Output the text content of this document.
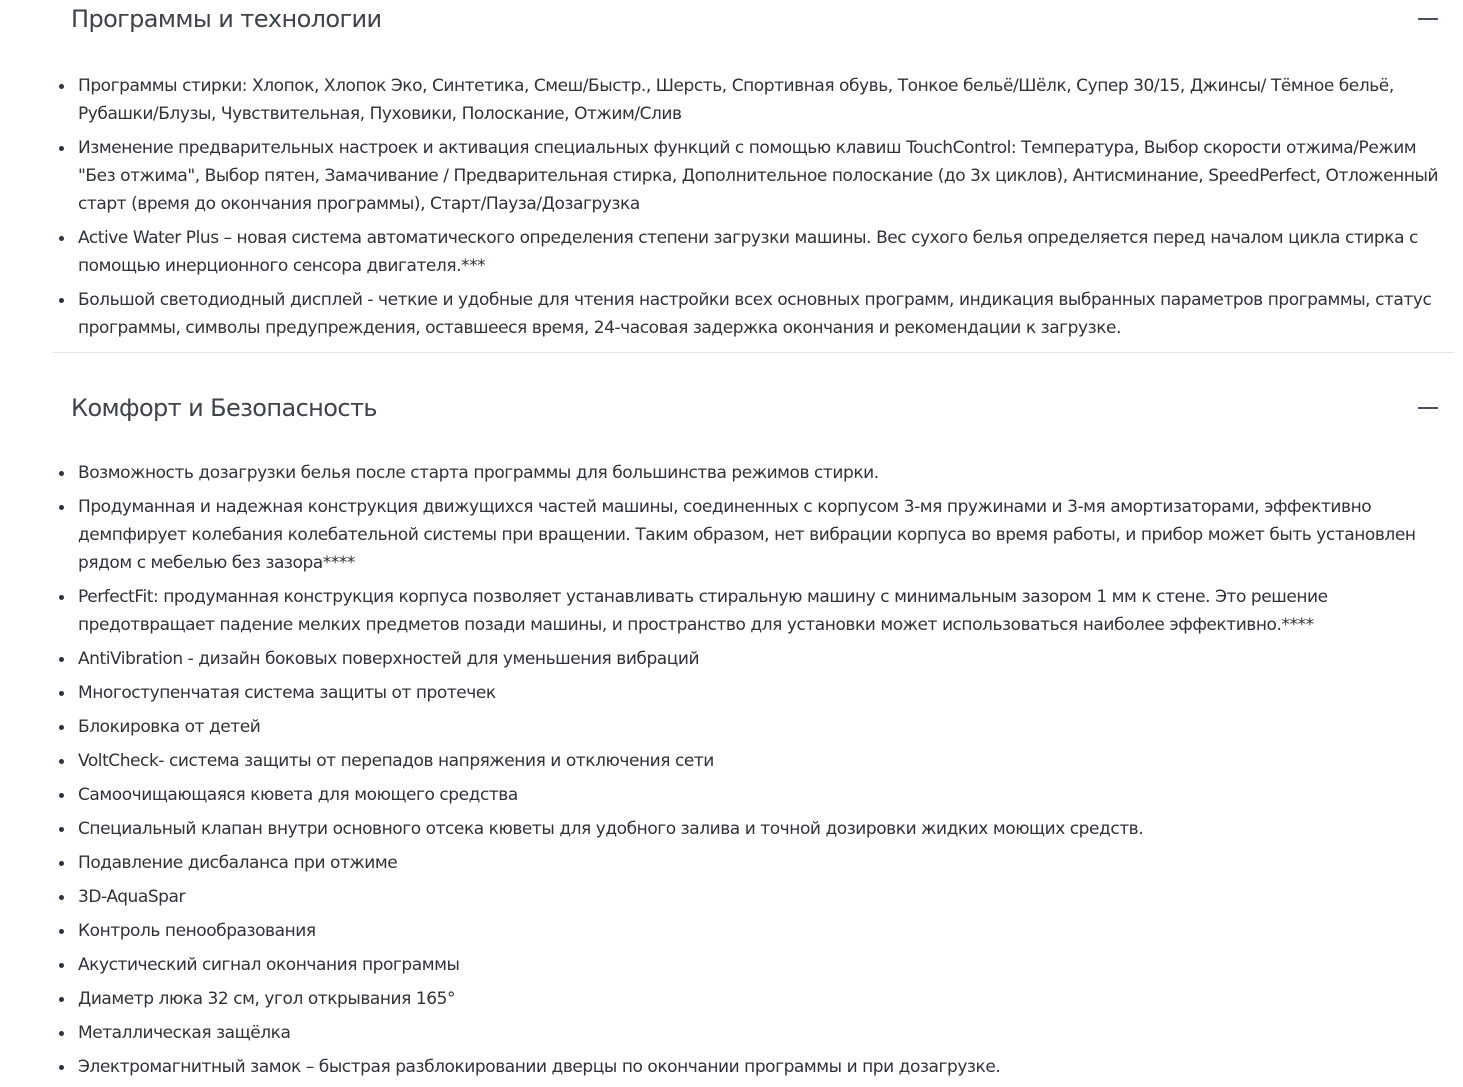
Программы и технологии
Программы стирки: Хлопок, Хлопок Эко, Синтетика, Смеш/Быстр., Шерсть, Спортивная обувь, Тонкое бельё/Шёлк, Супер 30/15, Джинсы/ Тёмное бельё, Рубашки/Блузы, Чувствительная, Пуховики, Полоскание, Отжим/Слив
Изменение предварительных настроек и активация специальных функций с помощью клавиш TouchControl: Температура, Выбор скорости отжима/Режим "Без отжима", Выбор пятен, Замачивание / Предварительная стирка, Дополнительное полоскание (до 3х циклов), Антисминание, SpeedPerfect, Отложенный старт (время до окончания программы), Старт/Пауза/Дозагрузка
Active Water Plus – новая система автоматического определения степени загрузки машины. Вес сухого белья определяется перед началом цикла стирка с помощью инерционного сенсора двигателя.***
Большой светодиодный дисплей - четкие и удобные для чтения настройки всех основных программ, индикация выбранных параметров программы, статус программы, символы предупреждения, оставшееся время, 24-часовая задержка окончания и рекомендации к загрузке.
Комфорт и Безопасность
Возможность дозагрузки белья после старта программы для большинства режимов стирки.
Продуманная и надежная конструкция движущихся частей машины, соединенных с корпусом 3-мя пружинами и 3-мя амортизаторами, эффективно демпфирует колебания колебательной системы при вращении. Таким образом, нет вибрации корпуса во время работы, и прибор может быть установлен рядом с мебелью без зазора****
PerfectFit: продуманная конструкция корпуса позволяет устанавливать стиральную машину с минимальным зазором 1 мм к стене. Это решение предотвращает падение мелких предметов позади машины, и пространство для установки может использоваться наиболее эффективно.****
AntiVibration - дизайн боковых поверхностей для уменьшения вибраций
Многоступенчатая система защиты от протечек
Блокировка от детей
VoltCheck- система защиты от перепадов напряжения и отключения сети
Самоочищающаяся кювета для моющего средства
Специальный клапан внутри основного отсека кюветы для удобного залива и точной дозировки жидких моющих средств.
Подавление дисбаланса при отжиме
3D-AquaSpar
Контроль пенообразования
Акустический сигнал окончания программы
Диаметр люка 32 см, угол открывания 165°
Металлическая защёлка
Электромагнитный замок – быстрая разблокировании дверцы по окончании программы и при дозагрузке.
